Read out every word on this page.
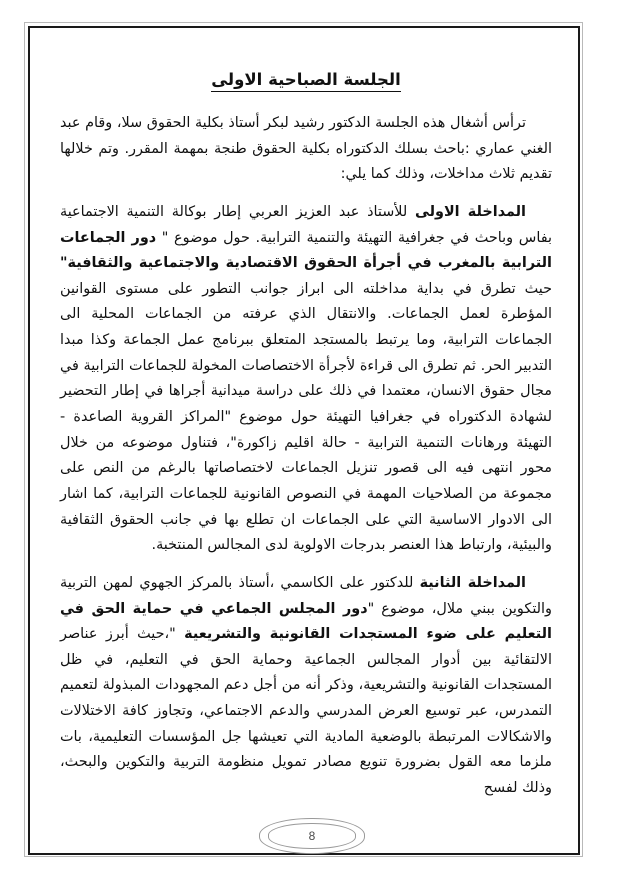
الجلسة الصباحية الاولى

ترأس أشغال هذه الجلسة الدكتور رشيد لبكر أستاذ بكلية الحقوق سلا، وقام عبد الغني عماري :باحث بسلك الدكتوراه بكلية الحقوق طنجة بمهمة المقرر. وتم خلالها تقديم ثلاث مداخلات، وذلك كما يلي:

المداخلة الاولى للأستاذ عبد العزيز العربي إطار بوكالة التنمية الاجتماعية بفاس وباحث في جغرافية التهيئة والتنمية الترابية. حول موضوع " دور الجماعات الترابية بالمغرب في أجرأة الحقوق الاقتصادية والاجتماعية والثقافية" حيث تطرق في بداية مداخلته الى ابراز جوانب التطور على مستوى القوانين المؤطرة لعمل الجماعات. والانتقال الذي عرفته من الجماعات المحلية الى الجماعات الترابية، وما يرتبط بالمستجد المتعلق ببرنامج عمل الجماعة وكذا مبدا التدبير الحر. ثم تطرق الى قراءة لأجرأة الاختصاصات المخولة للجماعات الترابية في مجال حقوق الانسان، معتمدا في ذلك على دراسة ميدانية أجراها في إطار التحضير لشهادة الدكتوراه في جغرافيا التهيئة حول موضوع "المراكز القروية الصاعدة - التهيئة ورهانات التنمية الترابية - حالة اقليم زاكورة"، فتناول موضوعه من خلال محور انتهى فيه الى قصور تنزيل الجماعات لاختصاصاتها بالرغم من النص على مجموعة من الصلاحيات المهمة في النصوص القانونية للجماعات الترابية، كما اشار الى الادوار الاساسية التي على الجماعات ان تطلع بها في جانب الحقوق الثقافية والبيئية، وارتباط هذا العنصر بدرجات الاولوية لدى المجالس المنتخبة.

المداخلة الثانية للدكتور على الكاسمي ،أستاذ بالمركز الجهوي لمهن التربية والتكوين ببني ملال، موضوع "دور المجلس الجماعي في حماية الحق في التعليم على ضوء المستجدات القانونية والتشريعية "،حيث أبرز عناصر الالتقائية بين أدوار المجالس الجماعية وحماية الحق في التعليم، في ظل المستجدات القانونية والتشريعية، وذكر أنه من أجل دعم المجهودات المبذولة لتعميم التمدرس، عبر توسيع العرض المدرسي والدعم الاجتماعي، وتجاوز كافة الاختلالات والاشكالات المرتبطة بالوضعية المادية التي تعيشها جل المؤسسات التعليمية، بات ملزما معه القول بضرورة تنويع مصادر تمويل منظومة التربية والتكوين والبحث، وذلك لفسح

8
